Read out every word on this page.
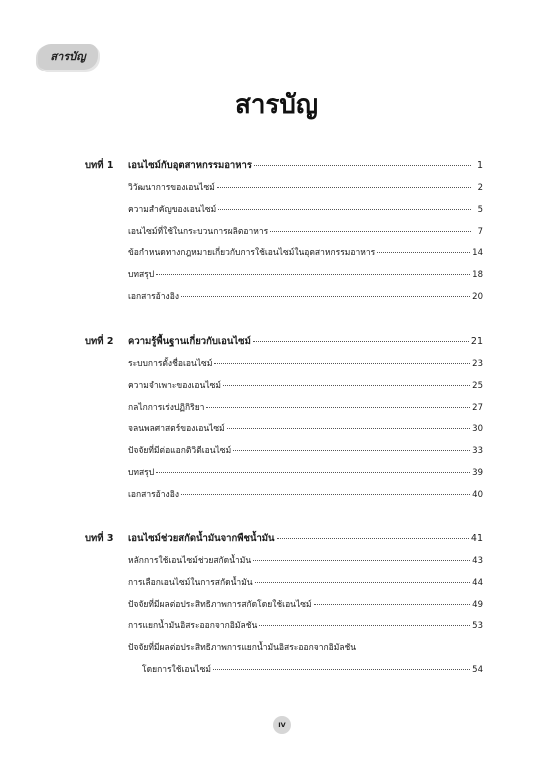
สารบัญ
สารบัญ
บทที่ 1	เอนไซม์กับอุตสาหกรรมอาหาร	1
วิวัฒนาการของเอนไซม์	2
ความสำคัญของเอนไซม์	5
เอนไซม์ที่ใช้ในกระบวนการผลิตอาหาร	7
ข้อกำหนดทางกฎหมายเกี่ยวกับการใช้เอนไซม์ในอุตสาหกรรมอาหาร	14
บทสรุป	18
เอกสารอ้างอิง	20
บทที่ 2	ความรู้พื้นฐานเกี่ยวกับเอนไซม์	21
ระบบการตั้งชื่อเอนไซม์	23
ความจำเพาะของเอนไซม์	25
กลไกการเร่งปฏิกิริยา	27
จลนพลศาสตร์ของเอนไซม์	30
ปัจจัยที่มีต่อแอกติวิตีเอนไซม์	33
บทสรุป	39
เอกสารอ้างอิง	40
บทที่ 3	เอนไซม์ช่วยสกัดน้ำมันจากพืชน้ำมัน	41
หลักการใช้เอนไซม์ช่วยสกัดน้ำมัน	43
การเลือกเอนไซม์ในการสกัดน้ำมัน	44
ปัจจัยที่มีผลต่อประสิทธิภาพการสกัดโดยใช้เอนไซม์	49
การแยกน้ำมันอิสระออกจากอิมัลชัน	53
ปัจจัยที่มีผลต่อประสิทธิภาพการแยกน้ำมันอิสระออกจากอิมัลชัน
โดยการใช้เอนไซม์	54
IV
